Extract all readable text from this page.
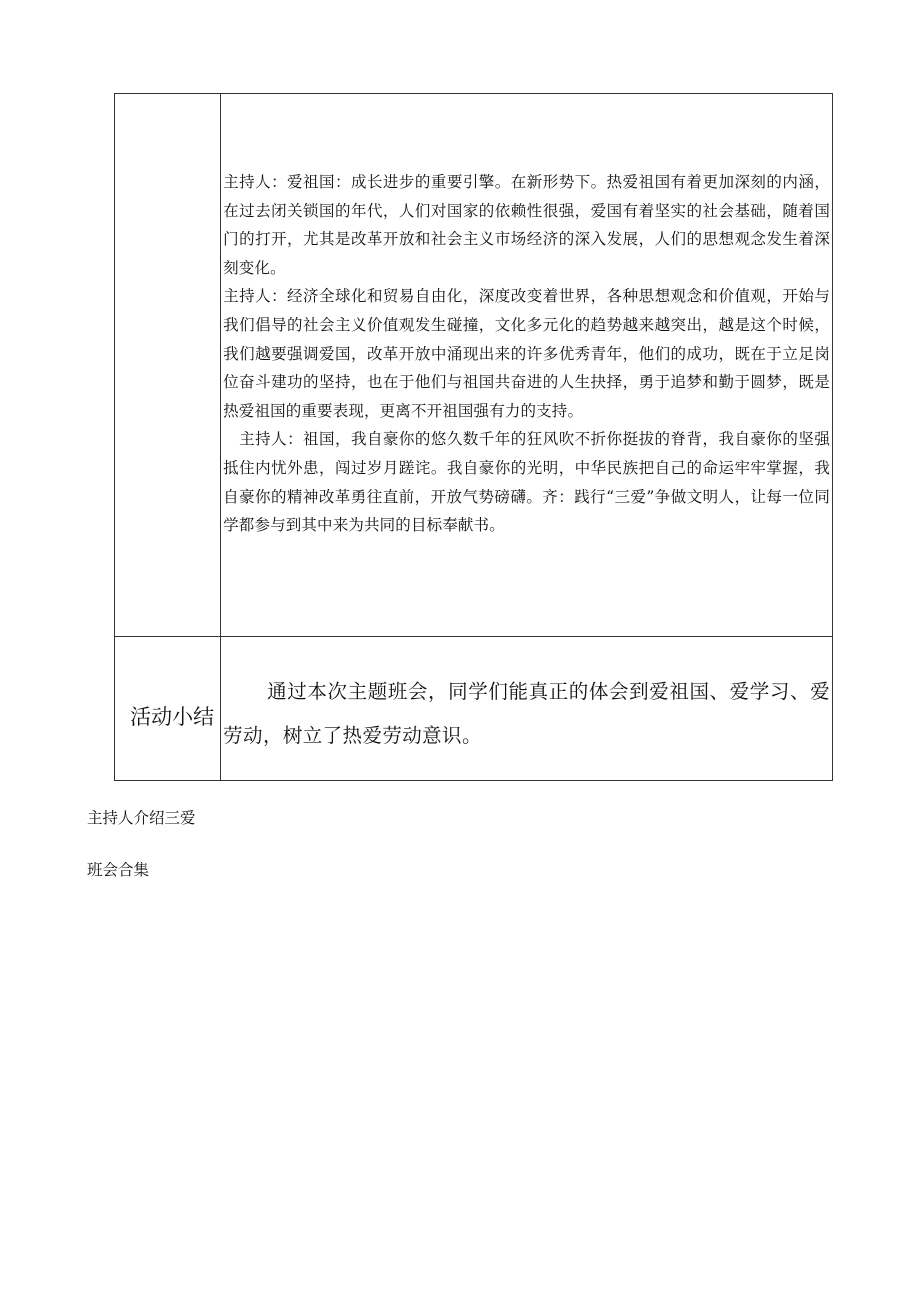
	主持人：爱祖国：成长进步的重要引擎。在新形势下。热爱祖国有着更加深刻的内涵，在过去闭关锁国的年代，人们对国家的依赖性很强，爱国有着坚实的社会基础，随着国门的打开，尤其是改革开放和社会主义市场经济的深入发展，人们的思想观念发生着深刻变化。

主持人：经济全球化和贸易自由化，深度改变着世界，各种思想观念和价值观，开始与我们倡导的社会主义价值观发生碰撞，文化多元化的趋势越来越突出，越是这个时候，我们越要强调爱国，改革开放中涌现出来的许多优秀青年，他们的成功，既在于立足岗位奋斗建功的坚持，也在于他们与祖国共奋进的人生抉择，勇于追梦和勤于圆梦，既是热爱祖国的重要表现，更离不开祖国强有力的支持。

主持人：祖国，我自豪你的悠久数千年的狂风吹不折你挺拔的脊背，我自豪你的坚强抵住内忧外患，闯过岁月蹉诧。我自豪你的光明，中华民族把自己的命运牢牢掌握，我自豪你的精神改革勇往直前，开放气势磅礴。齐：践行“三爱”争做文明人，让每一位同学都参与到其中来为共同的目标奉献书。

活动小结	通过本次主题班会，同学们能真正的体会到爱祖国、爱学习、爱劳动，树立了热爱劳动意识。

主持人介绍三爱

班会合集
